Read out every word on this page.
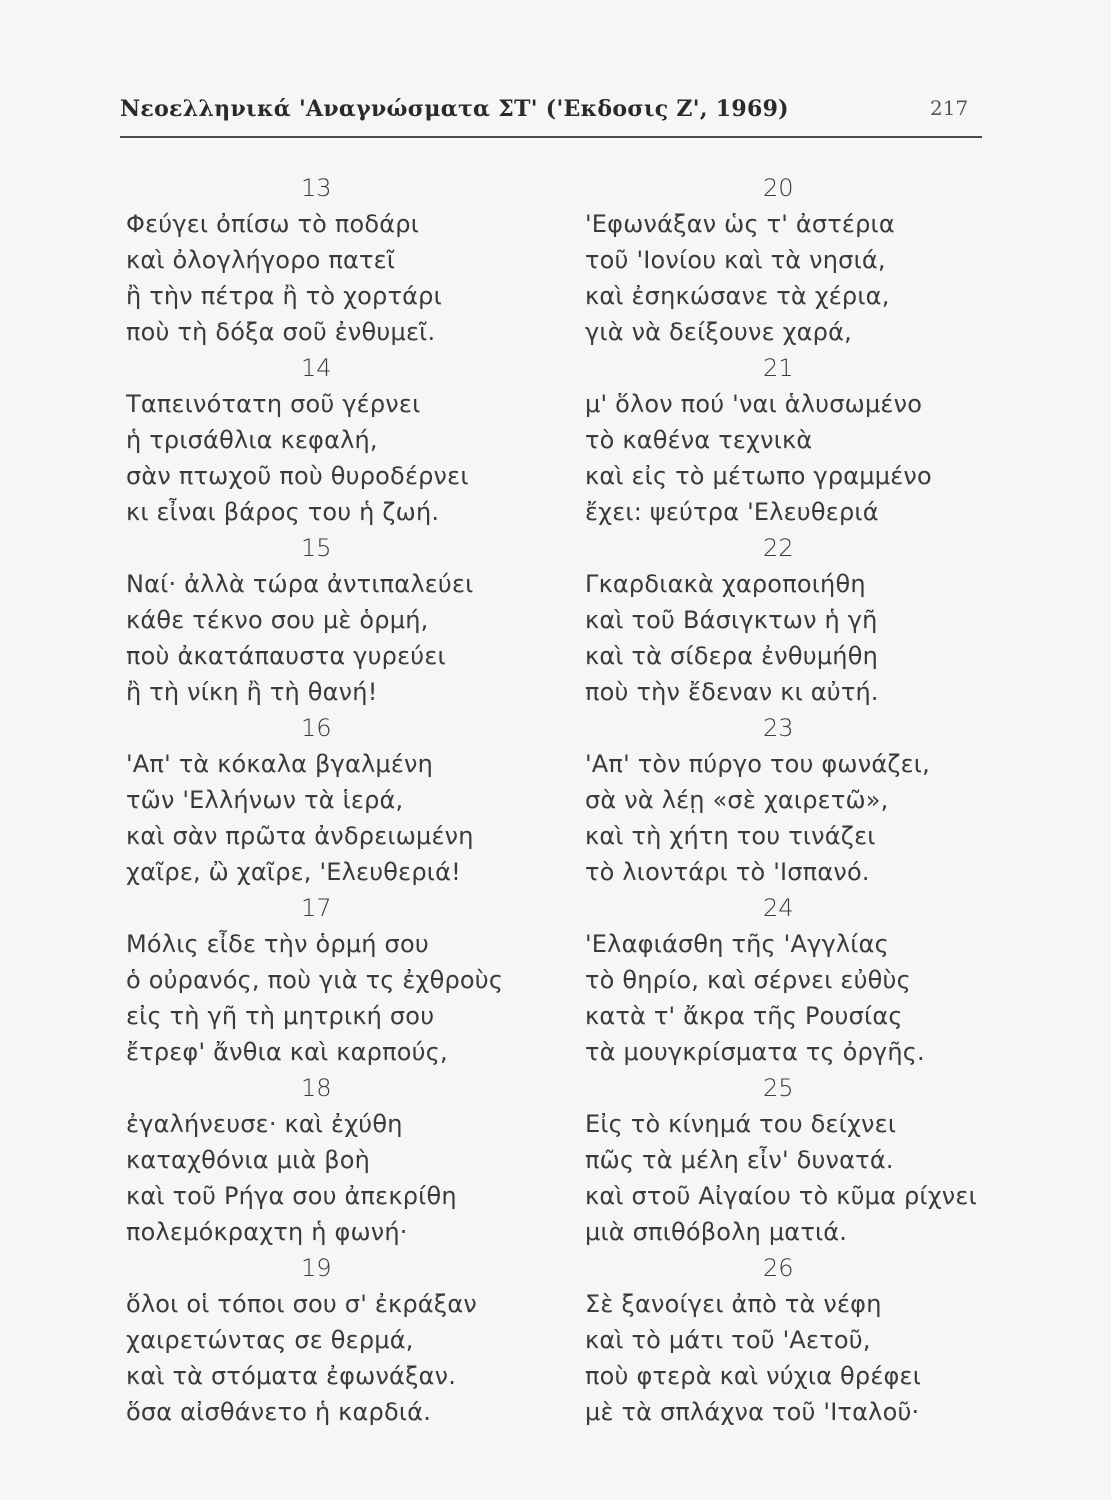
Νεοελληνικά 'Αναγνώσματα ΣΤ' ('Εκδοσις Ζ', 1969)	217
13
Φεύγει ὀπίσω τὸ ποδάρι
καὶ ὀλογλήγορο πατεῖ
ἢ τὴν πέτρα ἢ τὸ χορτάρι
ποὺ τὴ δόξα σοῦ ἐνθυμεῖ.
14
Ταπεινότατη σοῦ γέρνει
ἡ τρισάθλια κεφαλή,
σὰν πτωχοῦ ποὺ θυροδέρνει
κι εἶναι βάρος του ἡ ζωή.
15
Ναί· ἀλλὰ τώρα ἀντιπαλεύει
κάθε τέκνο σου μὲ ὁρμή,
ποὺ ἀκατάπαυστα γυρεύει
ἢ τὴ νίκη ἢ τὴ θανή!
16
'Απ' τὰ κόκαλα βγαλμένη
τῶν 'Ελλήνων τὰ ἱερά,
καὶ σὰν πρῶτα ἀνδρειωμένη
χαῖρε, ὢ χαῖρε, 'Ελευθεριά!
17
Μόλις εἶδε τὴν ὁρμή σου
ὁ οὐρανός, ποὺ γιὰ τς ἐχθροὺς
εἰς τὴ γῆ τὴ μητρική σου
ἔτρεφ' ἄνθια καὶ καρπούς,
18
ἐγαλήνευσε· καὶ ἐχύθη
καταχθόνια μιὰ βοὴ
καὶ τοῦ Ρήγα σου ἀπεκρίθη
πολεμόκραχτη ἡ φωνή·
19
ὅλοι οἱ τόποι σου σ' ἐκράξαν
χαιρετώντας σε θερμά,
καὶ τὰ στόματα ἐφωνάξαν.
ὅσα αἰσθάνετο ἡ καρδιά.
20
'Εφωνάξαν ὡς τ' ἀστέρια
τοῦ 'Ιονίου καὶ τὰ νησιά,
καὶ ἐσηκώσανε τὰ χέρια,
γιὰ νὰ δείξουνε χαρά,
21
μ' ὅλον πού 'ναι ἁλυσωμένο
τὸ καθένα τεχνικὰ
καὶ εἰς τὸ μέτωπο γραμμένο
ἔχει: ψεύτρα 'Ελευθεριά
22
Γκαρδιακὰ χαροποιήθη
καὶ τοῦ Βάσιγκτων ἡ γῆ
καὶ τὰ σίδερα ἐνθυμήθη
ποὺ τὴν ἔδεναν κι αὐτή.
23
'Απ' τὸν πύργο του φωνάζει,
σὰ νὰ λέῃ «σὲ χαιρετῶ»,
καὶ τὴ χήτη του τινάζει
τὸ λιοντάρι τὸ 'Ισπανό.
24
'Ελαφιάσθη τῆς 'Αγγλίας
τὸ θηρίο, καὶ σέρνει εὐθὺς
κατὰ τ' ἄκρα τῆς Ρουσίας
τὰ μουγκρίσματα τς ὀργῆς.
25
Εἰς τὸ κίνημά του δείχνει
πῶς τὰ μέλη εἶν' δυνατά.
καὶ στοῦ Αἰγαίου τὸ κῦμα ρίχνει
μιὰ σπιθόβολη ματιά.
26
Σὲ ξανοίγει ἀπὸ τὰ νέφη
καὶ τὸ μάτι τοῦ 'Αετοῦ,
ποὺ φτερὰ καὶ νύχια θρέφει
μὲ τὰ σπλάχνα τοῦ 'Ιταλοῦ·
